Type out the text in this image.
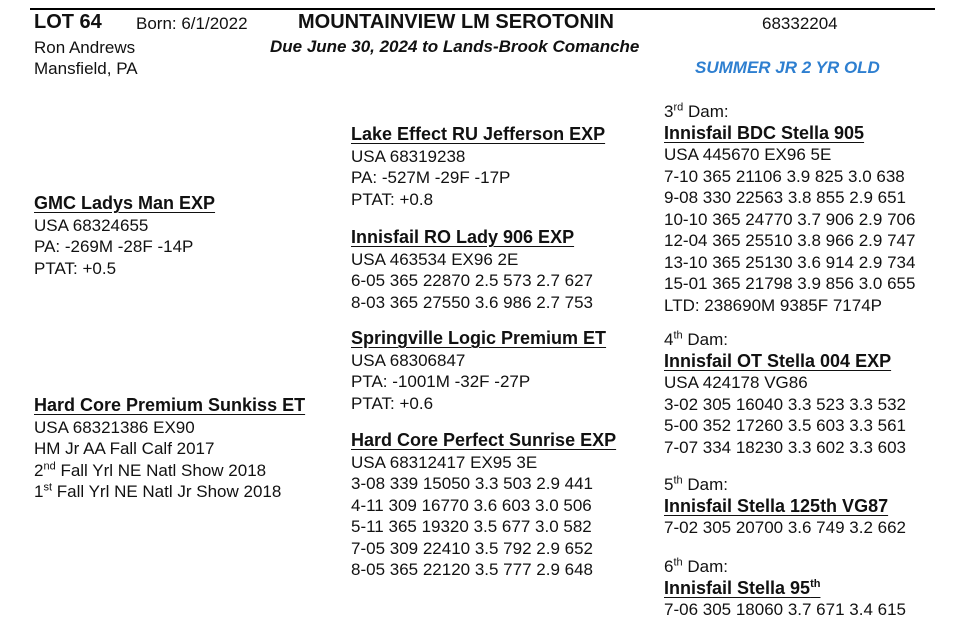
LOT 64 Born: 6/1/2022	MOUNTAINVIEW LM SEROTONIN	68332204
Ron Andrews
Mansfield, PA
Due June 30, 2024 to Lands-Brook Comanche
SUMMER JR 2 YR OLD
GMC Ladys Man EXP
USA 68324655
PA: -269M -28F -14P
PTAT: +0.5
Hard Core Premium Sunkiss ET
USA 68321386 EX90
HM Jr AA Fall Calf 2017
2nd Fall Yrl NE Natl Show 2018
1st Fall Yrl NE Natl Jr Show 2018
Lake Effect RU Jefferson EXP
USA 68319238
PA: -527M -29F -17P
PTAT: +0.8
Innisfail RO Lady 906 EXP
USA 463534 EX96 2E
6-05 365 22870 2.5 573 2.7 627
8-03 365 27550 3.6 986 2.7 753
Springville Logic Premium ET
USA 68306847
PTA: -1001M -32F -27P
PTAT: +0.6
Hard Core Perfect Sunrise EXP
USA 68312417 EX95 3E
3-08 339 15050 3.3 503 2.9 441
4-11 309 16770 3.6 603 3.0 506
5-11 365 19320 3.5 677 3.0 582
7-05 309 22410 3.5 792 2.9 652
8-05 365 22120 3.5 777 2.9 648
3rd Dam:
Innisfail BDC Stella 905
USA 445670 EX96 5E
7-10 365 21106 3.9 825 3.0 638
9-08 330 22563 3.8 855 2.9 651
10-10 365 24770 3.7 906 2.9 706
12-04 365 25510 3.8 966 2.9 747
13-10 365 25130 3.6 914 2.9 734
15-01 365 21798 3.9 856 3.0 655
LTD: 238690M 9385F 7174P
4th Dam:
Innisfail OT Stella 004 EXP
USA 424178 VG86
3-02 305 16040 3.3 523 3.3 532
5-00 352 17260 3.5 603 3.3 561
7-07 334 18230 3.3 602 3.3 603
5th Dam:
Innisfail Stella 125th VG87
7-02 305 20700 3.6 749 3.2 662
6th Dam:
Innisfail Stella 95th
7-06 305 18060 3.7 671 3.4 615
